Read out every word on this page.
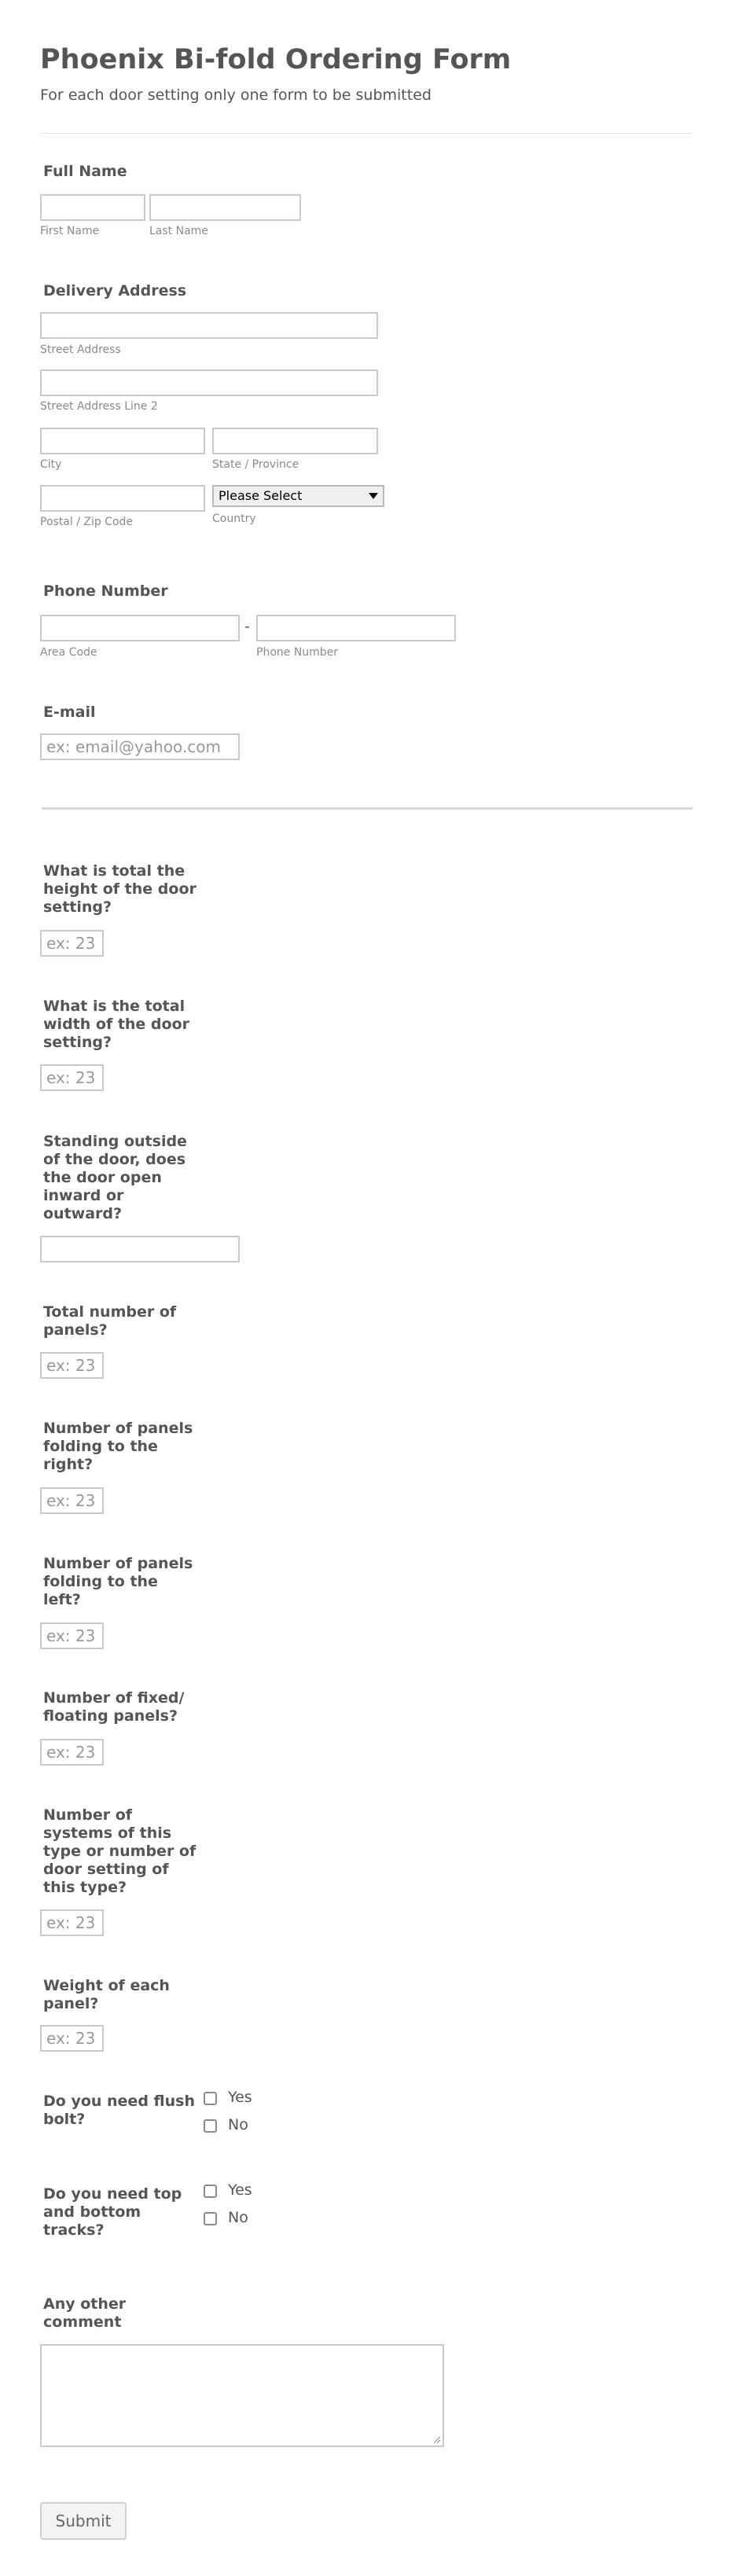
Phoenix Bi-fold Ordering Form
For each door setting only one form to be submitted
Full Name
First Name	Last Name
Delivery Address
Street Address
Street Address Line 2
City	State / Province
Please Select
Postal / Zip Code	Country
Phone Number
-
Area Code	Phone Number
E-mail
ex: email@yahoo.com
What is total the
height of the door
setting?
ex: 23
What is the total
width of the door
setting?
ex: 23
Standing outside
of the door, does
the door open
inward or
outward?
Total number of
panels?
ex: 23
Number of panels
folding to the
right?
ex: 23
Number of panels
folding to the
left?
ex: 23
Number of fixed/
floating panels?
ex: 23
Number of
systems of this
type or number of
door setting of
this type?
ex: 23
Weight of each
panel?
ex: 23
Do you need flush
bolt?
Yes
No
Do you need top
and bottom
tracks?
Yes
No
Any other
comment
Submit
